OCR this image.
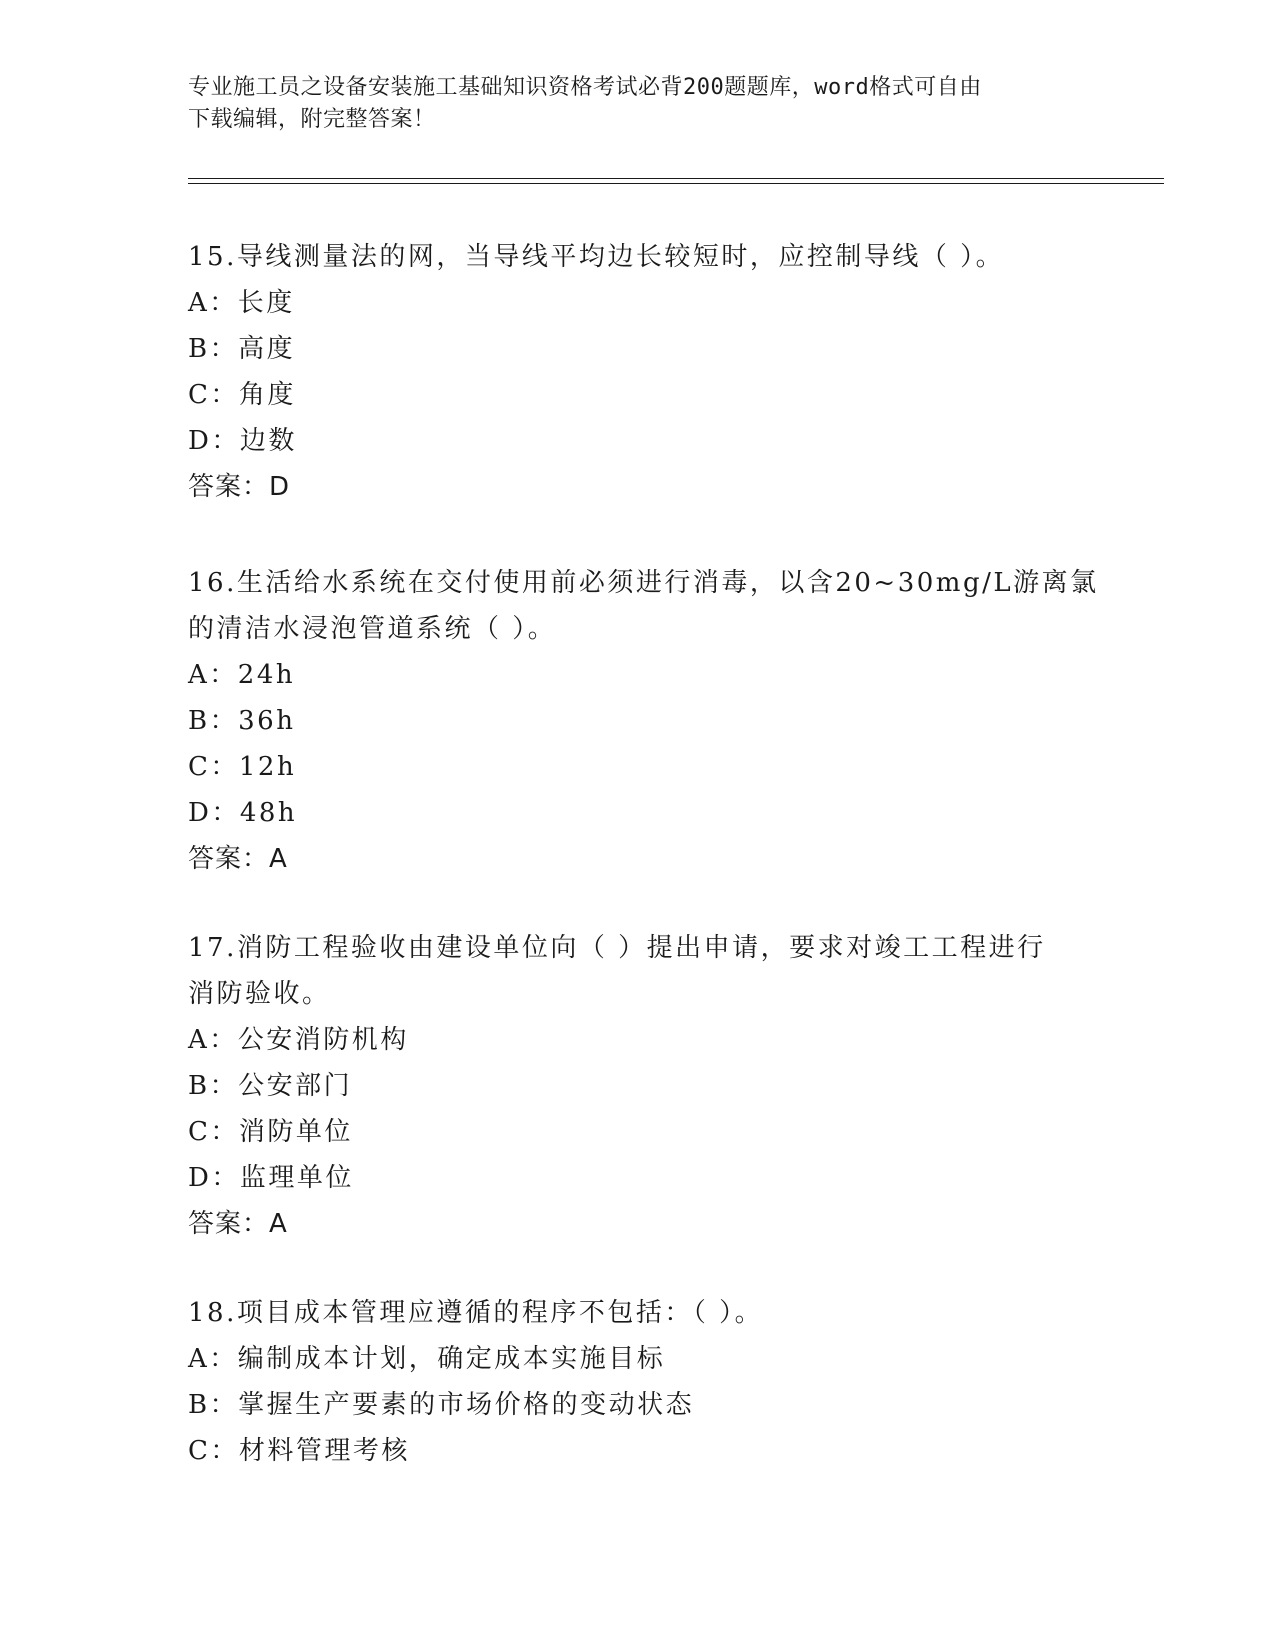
专业施工员之设备安装施工基础知识资格考试必背200题题库，word格式可自由
下载编辑，附完整答案！
15.导线测量法的网，当导线平均边长较短时，应控制导线（ ）。
A：长度
B：高度
C：角度
D：边数
答案：D
16.生活给水系统在交付使用前必须进行消毒，以含20~30mg/L游离氯
的清洁水浸泡管道系统（ ）。
A：24h
B：36h
C：12h
D：48h
答案：A
17.消防工程验收由建设单位向（ ）提出申请，要求对竣工工程进行
消防验收。
A：公安消防机构
B：公安部门
C：消防单位
D：监理单位
答案：A
18.项目成本管理应遵循的程序不包括：（ ）。
A：编制成本计划，确定成本实施目标
B：掌握生产要素的市场价格的变动状态
C：材料管理考核
